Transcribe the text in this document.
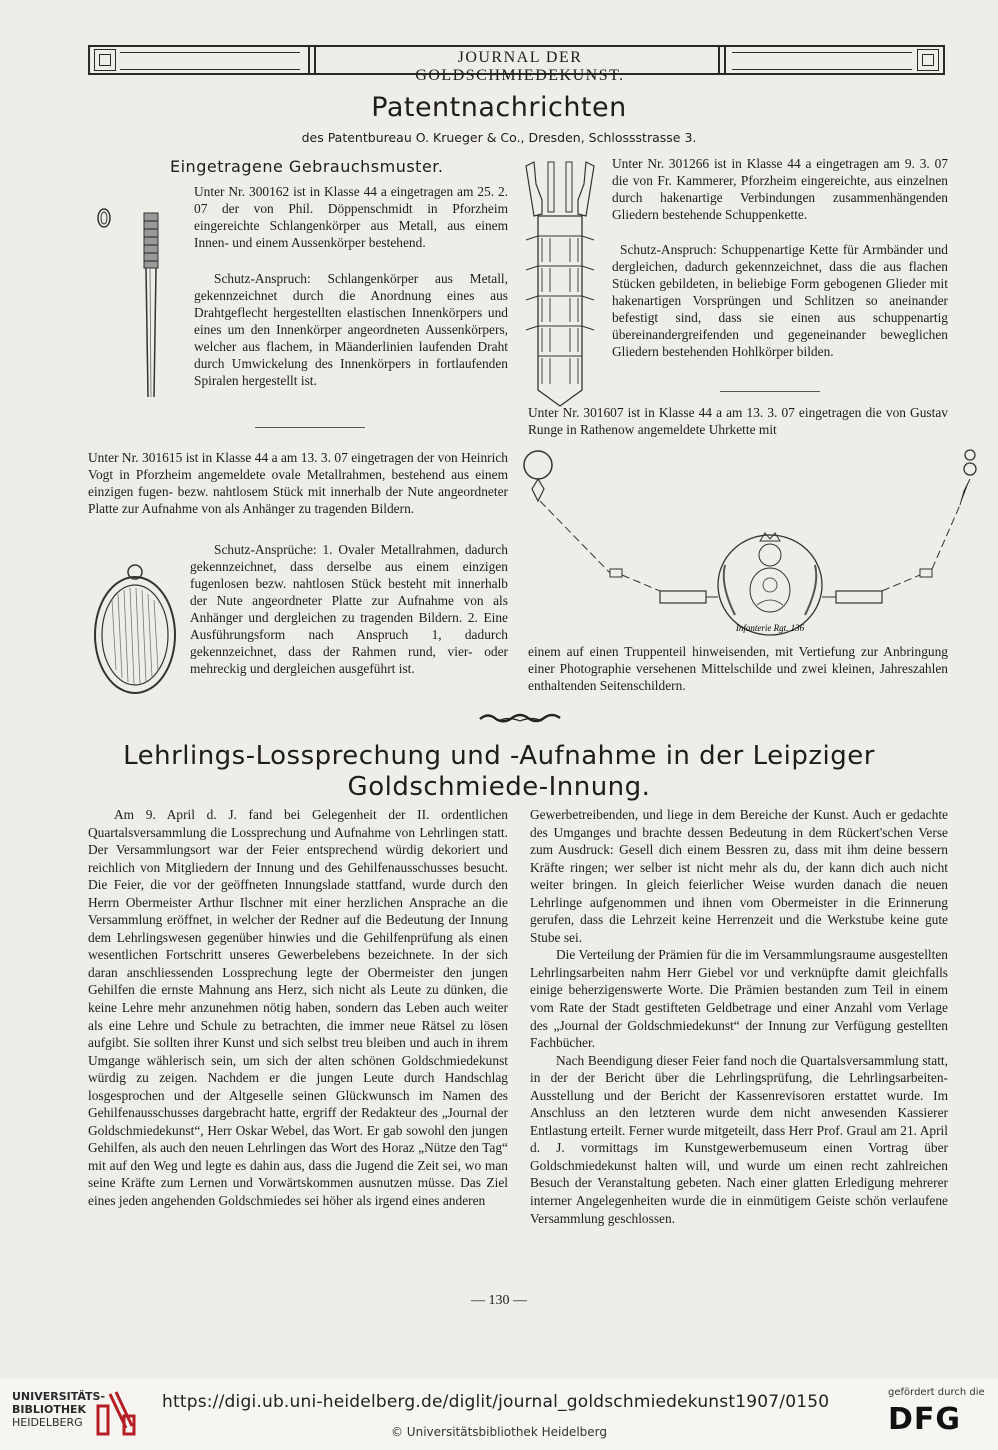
JOURNAL DER GOLDSCHMIEDEKUNST.
Patentnachrichten
des Patentbureau O. Krueger & Co., Dresden, Schlossstrasse 3.
Eingetragene Gebrauchsmuster.
Unter Nr. 300162 ist in Klasse 44 a eingetragen am 25. 2. 07 der von Phil. Döppenschmidt in Pforzheim eingereichte Schlangenkörper aus Metall, aus einem Innen- und einem Aussenkörper bestehend.
Schutz-Anspruch: Schlangenkörper aus Metall, gekennzeichnet durch die Anordnung eines aus Drahtgeflecht hergestellten elastischen Innenkörpers und eines um den Innenkörper angeordneten Aussenkörpers, welcher aus flachem, in Mäanderlinien laufenden Draht durch Umwickelung des Innenkörpers in fortlaufenden Spiralen hergestellt ist.
Unter Nr. 301266 ist in Klasse 44 a eingetragen am 9. 3. 07 die von Fr. Kammerer, Pforzheim eingereichte, aus einzelnen durch hakenartige Verbindungen zusammenhängenden Gliedern bestehende Schuppenkette.
Schutz-Anspruch: Schuppenartige Kette für Armbänder und dergleichen, dadurch gekennzeichnet, dass die aus flachen Stücken gebildeten, in beliebige Form gebogenen Glieder mit hakenartigen Vorsprüngen und Schlitzen so aneinander befestigt sind, dass sie einen aus schuppenartig übereinandergreifenden und gegeneinander beweglichen Gliedern bestehenden Hohlkörper bilden.
Unter Nr. 301607 ist in Klasse 44 a am 13. 3. 07 eingetragen die von Gustav Runge in Rathenow angemeldete Uhrkette mit
Unter Nr. 301615 ist in Klasse 44 a am 13. 3. 07 eingetragen der von Heinrich Vogt in Pforzheim angemeldete ovale Metallrahmen, bestehend aus einem einzigen fugen- bezw. nahtlosem Stück mit innerhalb der Nute angeordneter Platte zur Aufnahme von als Anhänger zu tragenden Bildern.
Schutz-Ansprüche: 1. Ovaler Metallrahmen, dadurch gekennzeichnet, dass derselbe aus einem einzigen fugenlosen bezw. nahtlosen Stück besteht mit innerhalb der Nute angeordneter Platte zur Aufnahme von als Anhänger und dergleichen zu tragenden Bildern. 2. Eine Ausführungsform nach Anspruch 1, dadurch gekennzeichnet, dass der Rahmen rund, vier- oder mehreckig und dergleichen ausgeführt ist.
Infanterie Rgt. 136
einem auf einen Truppenteil hinweisenden, mit Vertiefung zur Anbringung einer Photographie versehenen Mittelschilde und zwei kleinen, Jahreszahlen enthaltenden Seitenschildern.
Lehrlings-Lossprechung und -Aufnahme in der Leipziger
Goldschmiede-Innung.
Am 9. April d. J. fand bei Gelegenheit der II. ordentlichen Quartalsversammlung die Lossprechung und Aufnahme von Lehrlingen statt. Der Versammlungsort war der Feier entsprechend würdig dekoriert und reichlich von Mitgliedern der Innung und des Gehilfenausschusses besucht. Die Feier, die vor der geöffneten Innungslade stattfand, wurde durch den Herrn Obermeister Arthur Ilschner mit einer herzlichen Ansprache an die Versammlung eröffnet, in welcher der Redner auf die Bedeutung der Innung dem Lehrlingswesen gegenüber hinwies und die Gehilfenprüfung als einen wesentlichen Fortschritt unseres Gewerbelebens bezeichnete. In der sich daran anschliessenden Lossprechung legte der Obermeister den jungen Gehilfen die ernste Mahnung ans Herz, sich nicht als Leute zu dünken, die keine Lehre mehr anzunehmen nötig haben, sondern das Leben auch weiter als eine Lehre und Schule zu betrachten, die immer neue Rätsel zu lösen aufgibt. Sie sollten ihrer Kunst und sich selbst treu bleiben und auch in ihrem Umgange wählerisch sein, um sich der alten schönen Goldschmiedekunst würdig zu zeigen. Nachdem er die jungen Leute durch Handschlag losgesprochen und der Altgeselle seinen Glückwunsch im Namen des Gehilfenausschusses dargebracht hatte, ergriff der Redakteur des „Journal der Goldschmiedekunst“, Herr Oskar Webel, das Wort. Er gab sowohl den jungen Gehilfen, als auch den neuen Lehrlingen das Wort des Horaz „Nütze den Tag“ mit auf den Weg und legte es dahin aus, dass die Jugend die Zeit sei, wo man seine Kräfte zum Lernen und Vorwärtskommen ausnutzen müsse. Das Ziel eines jeden angehenden Goldschmiedes sei höher als irgend eines anderen

Gewerbetreibenden, und liege in dem Bereiche der Kunst. Auch er gedachte des Umganges und brachte dessen Bedeutung in dem Rückert'schen Verse zum Ausdruck: Gesell dich einem Bessren zu, dass mit ihm deine bessern Kräfte ringen; wer selber ist nicht mehr als du, der kann dich auch nicht weiter bringen. In gleich feierlicher Weise wurden danach die neuen Lehrlinge aufgenommen und ihnen vom Obermeister in die Erinnerung gerufen, dass die Lehrzeit keine Herrenzeit und die Werkstube keine gute Stube sei.

Die Verteilung der Prämien für die im Versammlungsraume ausgestellten Lehrlingsarbeiten nahm Herr Giebel vor und verknüpfte damit gleichfalls einige beherzigenswerte Worte. Die Prämien bestanden zum Teil in einem vom Rate der Stadt gestifteten Geldbetrage und einer Anzahl vom Verlage des „Journal der Goldschmiedekunst“ der Innung zur Verfügung gestellten Fachbücher.

Nach Beendigung dieser Feier fand noch die Quartalsversammlung statt, in der der Bericht über die Lehrlingsprüfung, die Lehrlingsarbeiten-Ausstellung und der Bericht der Kassenrevisoren erstattet wurde. Im Anschluss an den letzteren wurde dem nicht anwesenden Kassierer Entlastung erteilt. Ferner wurde mitgeteilt, dass Herr Prof. Graul am 21. April d. J. vormittags im Kunstgewerbemuseum einen Vortrag über Goldschmiedekunst halten will, und wurde um einen recht zahlreichen Besuch der Veranstaltung gebeten. Nach einer glatten Erledigung mehrerer interner Angelegenheiten wurde die in einmütigem Geiste schön verlaufene Versammlung geschlossen.

— 130 —
UNIVERSITÄTS-
BIBLIOTHEK
HEIDELBERG
https://digi.ub.uni-heidelberg.de/diglit/journal_goldschmiedekunst1907/0150
© Universitätsbibliothek Heidelberg
gefördert durch die
DFG
